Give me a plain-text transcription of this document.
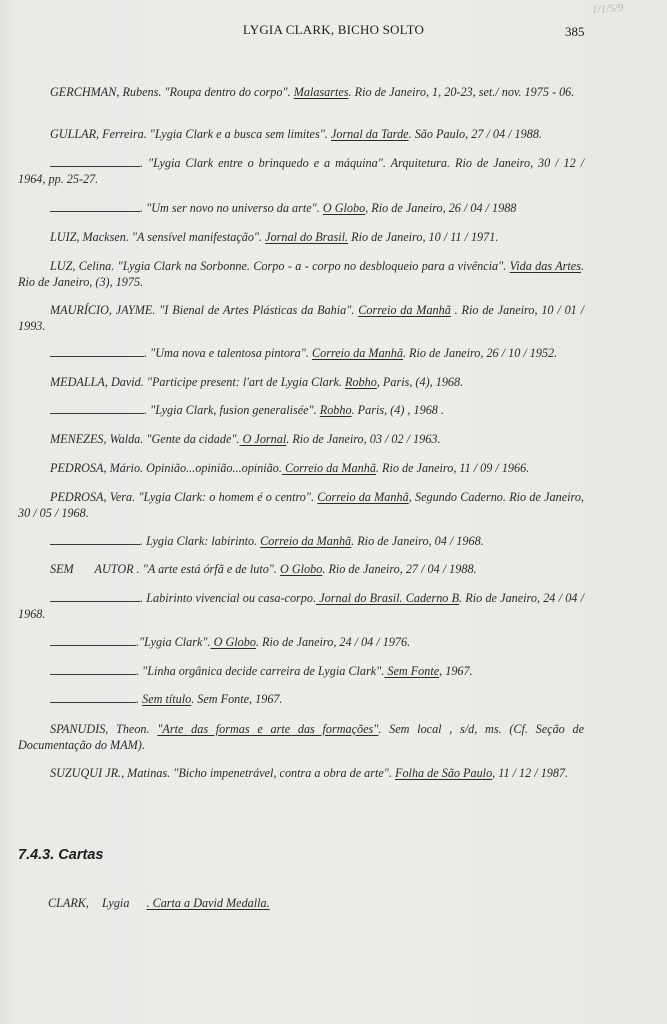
1/1/5/9
LYGIA CLARK, BICHO SOLTO	385

GERCHMAN, Rubens. "Roupa dentro do corpo". Malasartes. Rio de Janeiro, 1, 20-23, set./ nov. 1975 - 06.
GULLAR, Ferreira. "Lygia Clark e a busca sem limites". Jornal da Tarde. São Paulo, 27 / 04 / 1988.
. "Lygia Clark entre o brinquedo e a máquina". Arquitetura. Rio de Janeiro, 30 / 12 / 1964, pp. 25-27.
. "Um ser novo no universo da arte". O Globo, Rio de Janeiro, 26 / 04 / 1988
LUIZ, Macksen. "A sensível manifestação". Jornal do Brasil. Rio de Janeiro, 10 / 11 / 1971.
LUZ, Celina. "Lygia Clark na Sorbonne. Corpo - a - corpo no desbloqueio para a vivência". Vida das Artes. Rio de Janeiro, (3), 1975.
MAURÍCIO, JAYME. "I Bienal de Artes Plásticas da Bahia". Correio da Manhã . Rio de Janeiro, 10 / 01 / 1993.
. "Uma nova e talentosa pintora". Correio da Manhã. Rio de Janeiro, 26 / 10 / 1952.
MEDALLA, David. "Participe present: l'art de Lygia Clark. Robho, Paris, (4), 1968.
. "Lygia Clark, fusion generalisée". Robho. Paris, (4) , 1968 .
MENEZES, Walda. "Gente da cidade". O Jornal. Rio de Janeiro, 03 / 02 / 1963.
PEDROSA, Mário. Opinião...opinião...opinião. Correio da Manhã. Rio de Janeiro, 11 / 09 / 1966.
PEDROSA, Vera. "Lygia Clark: o homem é o centro". Correio da Manhã, Segundo Caderno. Rio de Janeiro, 30 / 05 / 1968.
. Lygia Clark: labirinto. Correio da Manhã. Rio de Janeiro, 04 / 1968.
SEM AUTOR . "A arte está órfã e de luto". O Globo. Rio de Janeiro, 27 / 04 / 1988.
. Labirinto vivencial ou casa-corpo. Jornal do Brasil. Caderno B. Rio de Janeiro, 24 / 04 / 1968.
."Lygia Clark". O Globo. Rio de Janeiro, 24 / 04 / 1976.
. "Linha orgânica decide carreira de Lygia Clark". Sem Fonte, 1967.
. Sem título. Sem Fonte, 1967.
SPANUDIS, Theon. "Arte das formas e arte das formações". Sem local , s/d, ms. (Cf. Seção de Documentação do MAM).
SUZUQUI JR., Matinas. "Bicho impenetrável, contra a obra de arte". Folha de São Paulo, 11 / 12 / 1987.
7.4.3. Cartas
CLARK, Lygia . Carta a David Medalla.
